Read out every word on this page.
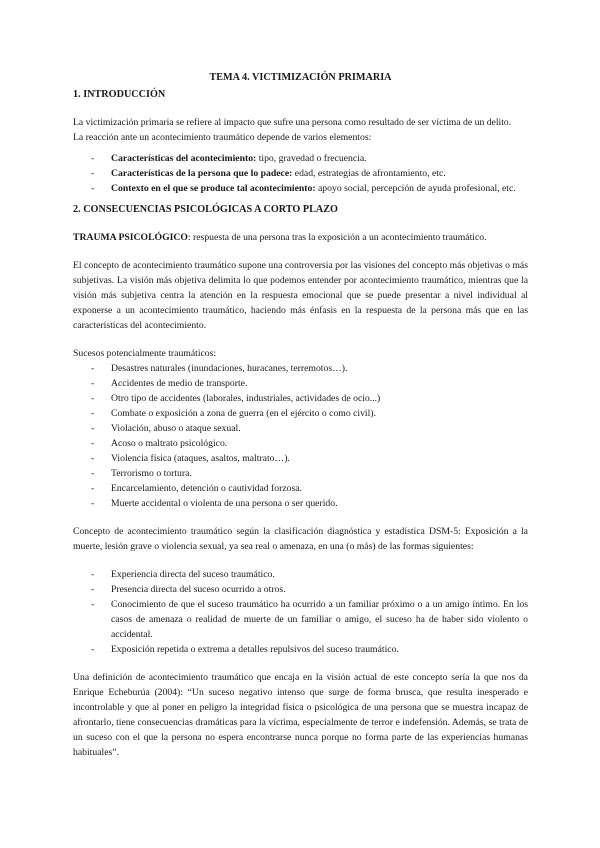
TEMA 4. VICTIMIZACIÓN PRIMARIA
1. INTRODUCCIÓN

La victimización primaria se refiere al impacto que sufre una persona como resultado de ser víctima de un delito.

La reacción ante un acontecimiento traumático depende de varios elementos:

- Características del acontecimiento: tipo, gravedad o frecuencia.
- Características de la persona que lo padece: edad, estrategias de afrontamiento, etc.
- Contexto en el que se produce tal acontecimiento: apoyo social, percepción de ayuda profesional, etc.
2. CONSECUENCIAS PSICOLÓGICAS A CORTO PLAZO

TRAUMA PSICOLÓGICO: respuesta de una persona tras la exposición a un acontecimiento traumático.

El concepto de acontecimiento traumático supone una controversia por las visiones del concepto más objetivas o más subjetivas. La visión más objetiva delimita lo que podemos entender por acontecimiento traumático, mientras que la visión más subjetiva centra la atención en la respuesta emocional que se puede presentar a nivel individual al exponerse a un acontecimiento traumático, haciendo más énfasis en la respuesta de la persona más que en las características del acontecimiento.

Sucesos potencialmente traumáticos:

- Desastres naturales (inundaciones, huracanes, terremotos…).
- Accidentes de medio de transporte.
- Otro tipo de accidentes (laborales, industriales, actividades de ocio...)
- Combate o exposición a zona de guerra (en el ejército o como civil).
- Violación, abuso o ataque sexual.
- Acoso o maltrato psicológico.
- Violencia física (ataques, asaltos, maltrato…).
- Terrorismo o tortura.
- Encarcelamiento, detención o cautividad forzosa.
- Muerte accidental o violenta de una persona o ser querido.

Concepto de acontecimiento traumático según la clasificación diagnóstica y estadística DSM-5: Exposición a la muerte, lesión grave o violencia sexual, ya sea real o amenaza, en una (o más) de las formas siguientes:

- Experiencia directa del suceso traumático.
- Presencia directa del suceso ocurrido a otros.
- Conocimiento de que el suceso traumático ha ocurrido a un familiar próximo o a un amigo íntimo. En los casos de amenaza o realidad de muerte de un familiar o amigo, el suceso ha de haber sido violento o accidental.
- Exposición repetida o extrema a detalles repulsivos del suceso traumático.

Una definición de acontecimiento traumático que encaja en la visión actual de este concepto sería la que nos da Enrique Echeburúa (2004): “Un suceso negativo intenso que surge de forma brusca, que resulta inesperado e incontrolable y que al poner en peligro la integridad física o psicológica de una persona que se muestra incapaz de afrontarlo, tiene consecuencias dramáticas para la víctima, especialmente de terror e indefensión. Además, se trata de un suceso con el que la persona no espera encontrarse nunca porque no forma parte de las experiencias humanas habituales”.
